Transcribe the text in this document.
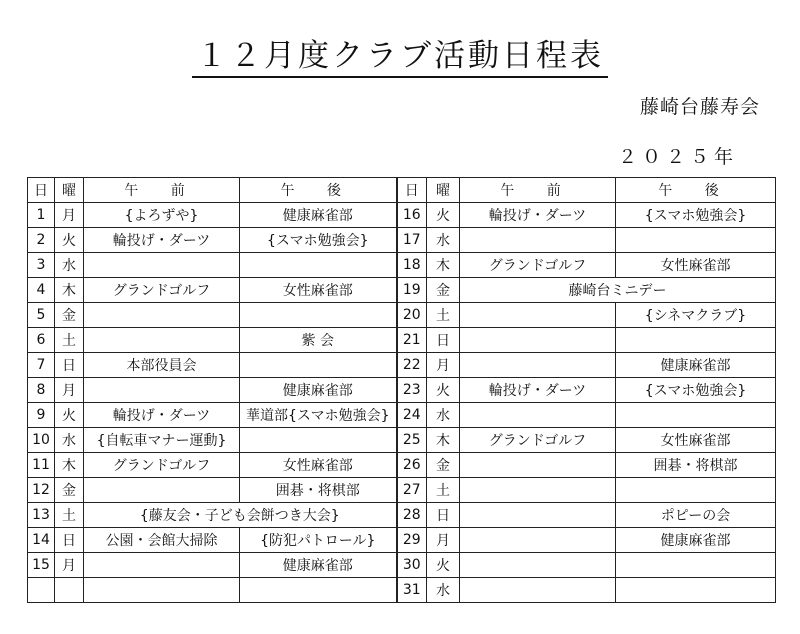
１２月度クラブ活動日程表
藤崎台藤寿会
２０２５年
日	曜	午 前	午 後	日	曜	午 前	午 後
1	月	{よろずや}	健康麻雀部	16	火	輪投げ・ダーツ	{スマホ勉強会}
2	火	輪投げ・ダーツ	{スマホ勉強会}	17	水		
3	水			18	木	グランドゴルフ	女性麻雀部
4	木	グランドゴルフ	女性麻雀部	19	金	藤崎台ミニデー	
5	金			20	土		{シネマクラブ}
6	土		紫 会	21	日		
7	日	本部役員会		22	月		健康麻雀部
8	月		健康麻雀部	23	火	輪投げ・ダーツ	{スマホ勉強会}
9	火	輪投げ・ダーツ	華道部{スマホ勉強会}	24	水		
10	水	{自転車マナー運動}		25	木	グランドゴルフ	女性麻雀部
11	木	グランドゴルフ	女性麻雀部	26	金		囲碁・将棋部
12	金		囲碁・将棋部	27	土		
13	土	{藤友会・子ども会餅つき大会}		28	日		ポピーの会
14	日	公園・会館大掃除	{防犯パトロール}	29	月		健康麻雀部
15	月		健康麻雀部	30	火		
				31	水		
